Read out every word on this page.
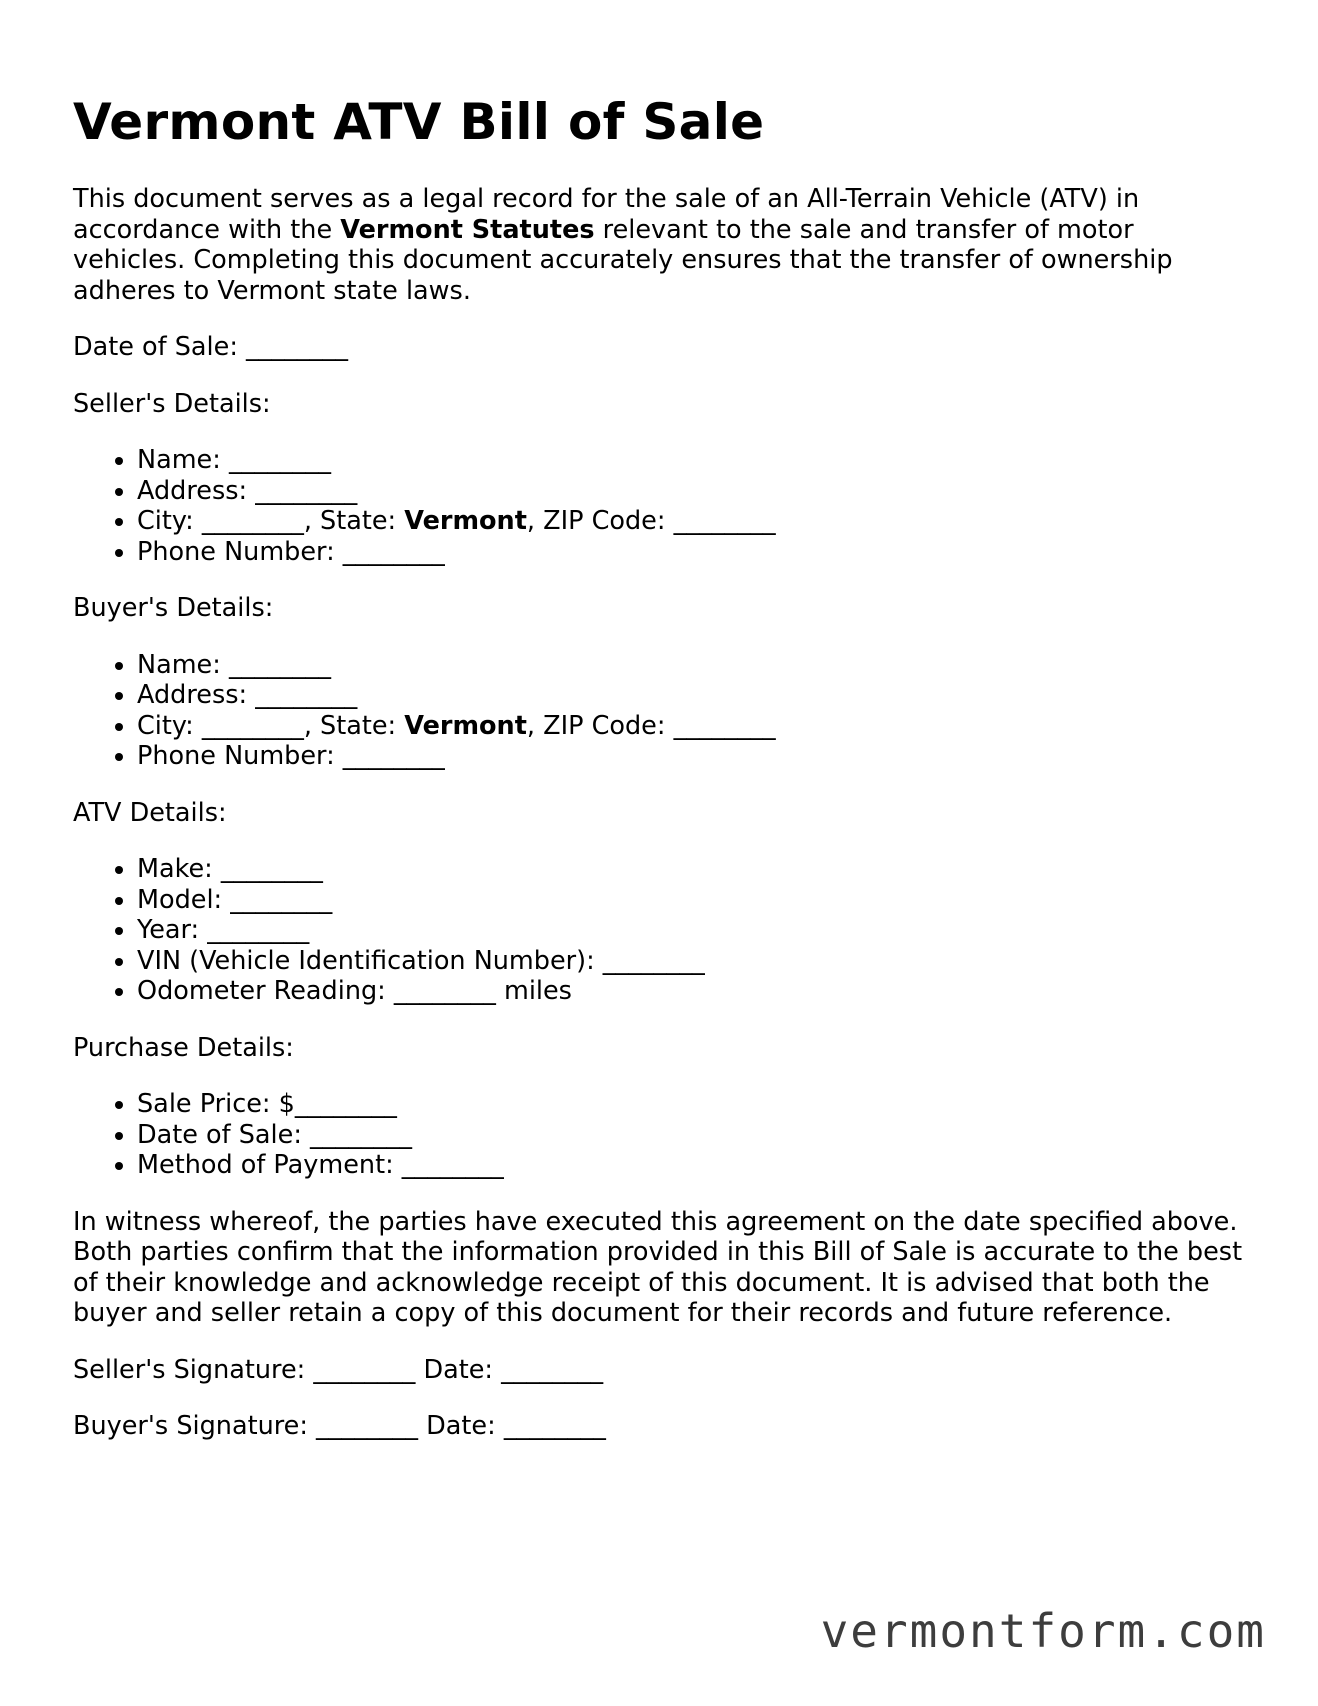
Vermont ATV Bill of Sale

This document serves as a legal record for the sale of an All-Terrain Vehicle (ATV) in accordance with the Vermont Statutes relevant to the sale and transfer of motor vehicles. Completing this document accurately ensures that the transfer of ownership adheres to Vermont state laws.

Date of Sale: ________

Seller's Details:

• Name: ________
• Address: ________
• City: ________, State: Vermont, ZIP Code: ________
• Phone Number: ________

Buyer's Details:

• Name: ________
• Address: ________
• City: ________, State: Vermont, ZIP Code: ________
• Phone Number: ________

ATV Details:

• Make: ________
• Model: ________
• Year: ________
• VIN (Vehicle Identification Number): ________
• Odometer Reading: ________ miles

Purchase Details:

• Sale Price: $________
• Date of Sale: ________
• Method of Payment: ________

In witness whereof, the parties have executed this agreement on the date specified above. Both parties confirm that the information provided in this Bill of Sale is accurate to the best of their knowledge and acknowledge receipt of this document. It is advised that both the buyer and seller retain a copy of this document for their records and future reference.

Seller's Signature: ________ Date: ________

Buyer's Signature: ________ Date: ________

vermontform.com
